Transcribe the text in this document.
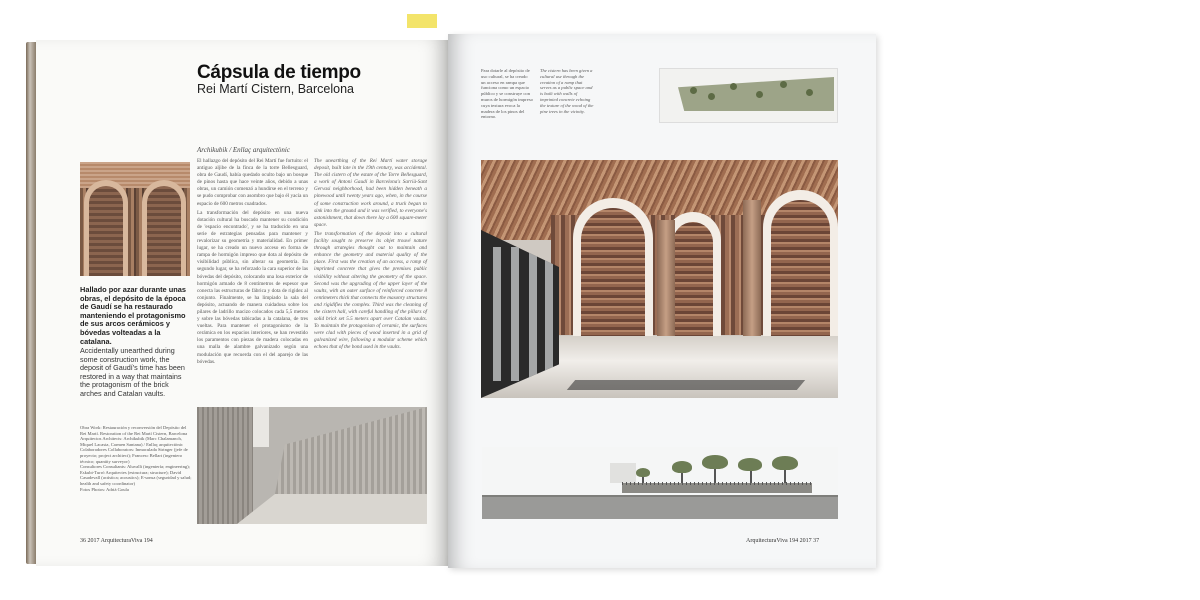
Cápsula de tiempo
Rei Martí Cistern, Barcelona
Archikubik / Enllaç arquitectònic
Hallado por azar durante unas obras, el depósito de la época de Gaudí se ha restaurado manteniendo el protagonismo de sus arcos cerámicos y bóvedas volteadas a la catalana.
Accidentally unearthed during some construction work, the deposit of Gaudí's time has been restored in a way that maintains the protagonism of the brick arches and Catalan vaults.
Obra Work: Restauración y reconversión del Depósito del Rei Martí. Restoration of the Rei Martí Cistern, Barcelona
Arquitectos Architects: Archikubik (Marc Chalamanch, Miquel Lacasta, Carmen Santana) / Enllaç arquitectònic
Colaboradores Collaborators: Inmaculada Stringer (jefe de proyecto; project architect); Francesc Bellart (ingeniero técnico; quantity surveyor)
Consultores Consultants: Aluvalli (ingeniería; engineering); Eskubi-Turró Arquitectes (estructura; structure); David Casadevall (acústica; acoustics); E-sonsa (seguridad y salud; health and safety coordinator)
Fotos Photos: Adrià Goula

El hallazgo del depósito del Rei Martí fue fortuito: el antiguo aljibe de la finca de la torre Bellesguard, obra de Gaudí, había quedado oculto bajo un bosque de pinos hasta que hace veinte años, debido a unas obras, un camión comenzó a hundirse en el terreno y se pudo comprobar con asombro que bajo él yacía un espacio de 600 metros cuadrados.

La transformación del depósito en una nueva dotación cultural ha buscado mantener su condición de 'espacio encontrado', y se ha traducido en una serie de estrategias pensadas para mantener y revalorizar su geometría y materialidad. En primer lugar, se ha creado un nuevo acceso en forma de rampa de hormigón impreso que dota al depósito de visibilidad pública, sin alterar su geometría. En segundo lugar, se ha reforzado la cara superior de las bóvedas del depósito, colocando una losa exterior de hormigón armado de 8 centímetros de espesor que conecta las estructuras de fábrica y dota de rigidez al conjunto. Finalmente, se ha limpiado la sala del depósito, actuando de manera cuidadosa sobre los pilares de ladrillo macizo colocados cada 5,5 metros y sobre las bóvedas tabicadas a la catalana, de tres vueltas. Para mantener el protagonismo de la cerámica en los espacios interiores, se han revestido los paramentos con piezas de madera colocadas en una malla de alambre galvanizado según una modulación que recuerda con el del aparejo de las bóvedas.

The unearthing of the Rei Martí water storage deposit, built late in the 19th century, was accidental. The old cistern of the estate of the Torre Bellesguard, a work of Antoni Gaudí in Barcelona's Sarrià-Sant Gervasi neighborhood, had been hidden beneath a pinewood until twenty years ago, when, in the course of some construction work around, a truck began to sink into the ground and it was verified, to everyone's astonishment, that down there lay a 600 square-meter space.

The transformation of the deposit into a cultural facility sought to preserve its objet trouvé nature through strategies thought out to maintain and enhance the geometry and material quality of the place. First was the creation of an access, a ramp of imprinted concrete that gives the premises public visibility without altering the geometry of the space. Second was the upgrading of the upper layer of the vaults, with an outer surface of reinforced concrete 8 centimeters thick that connects the masonry structures and rigidifies the complex. Third was the cleaning of the cistern hall, with careful handling of the pillars of solid brick set 5.5 meters apart over Catalan vaults. To maintain the protagonism of ceramic, the surfaces were clad with pieces of wood inserted in a grid of galvanized wire, following a modular scheme which echoes that of the bond used in the vaults.

36 2017 ArquitecturaViva 194
Para dotarle al depósito de uso cultural, se ha creado un acceso en rampa que funciona como un espacio público y se construye con muros de hormigón impreso cuya textura evoca la madera de los pinos del entorno.
The cistern has been given a cultural use through the creation of a ramp that serves as a public space and is built with walls of imprinted concrete echoing the texture of the wood of the pine trees in the vicinity.
ArquitecturaViva 194 2017 37
